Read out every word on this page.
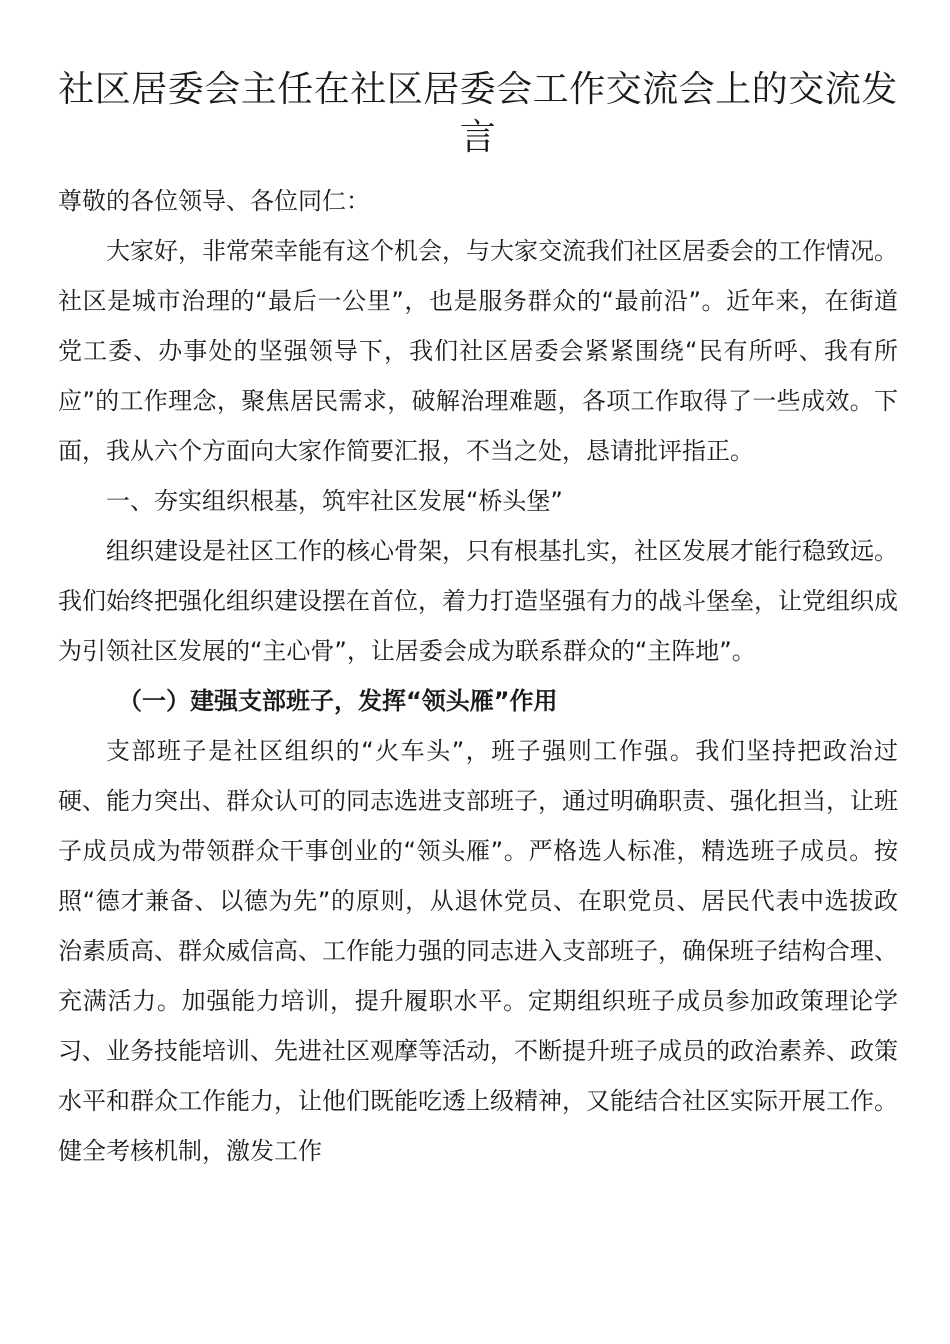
社区居委会主任在社区居委会工作交流会上的交流发言

尊敬的各位领导、各位同仁：

大家好，非常荣幸能有这个机会，与大家交流我们社区居委会的工作情况。社区是城市治理的“最后一公里”，也是服务群众的“最前沿”。近年来，在街道党工委、办事处的坚强领导下，我们社区居委会紧紧围绕“民有所呼、我有所应”的工作理念，聚焦居民需求，破解治理难题，各项工作取得了一些成效。下面，我从六个方面向大家作简要汇报，不当之处，恳请批评指正。

一、夯实组织根基，筑牢社区发展“桥头堡”

组织建设是社区工作的核心骨架，只有根基扎实，社区发展才能行稳致远。我们始终把强化组织建设摆在首位，着力打造坚强有力的战斗堡垒，让党组织成为引领社区发展的“主心骨”，让居委会成为联系群众的“主阵地”。

（一）建强支部班子，发挥“领头雁”作用

支部班子是社区组织的“火车头”，班子强则工作强。我们坚持把政治过硬、能力突出、群众认可的同志选进支部班子，通过明确职责、强化担当，让班子成员成为带领群众干事创业的“领头雁”。严格选人标准，精选班子成员。按照“德才兼备、以德为先”的原则，从退休党员、在职党员、居民代表中选拔政治素质高、群众威信高、工作能力强的同志进入支部班子，确保班子结构合理、充满活力。加强能力培训，提升履职水平。定期组织班子成员参加政策理论学习、业务技能培训、先进社区观摩等活动，不断提升班子成员的政治素养、政策水平和群众工作能力，让他们既能吃透上级精神，又能结合社区实际开展工作。健全考核机制，激发工作
